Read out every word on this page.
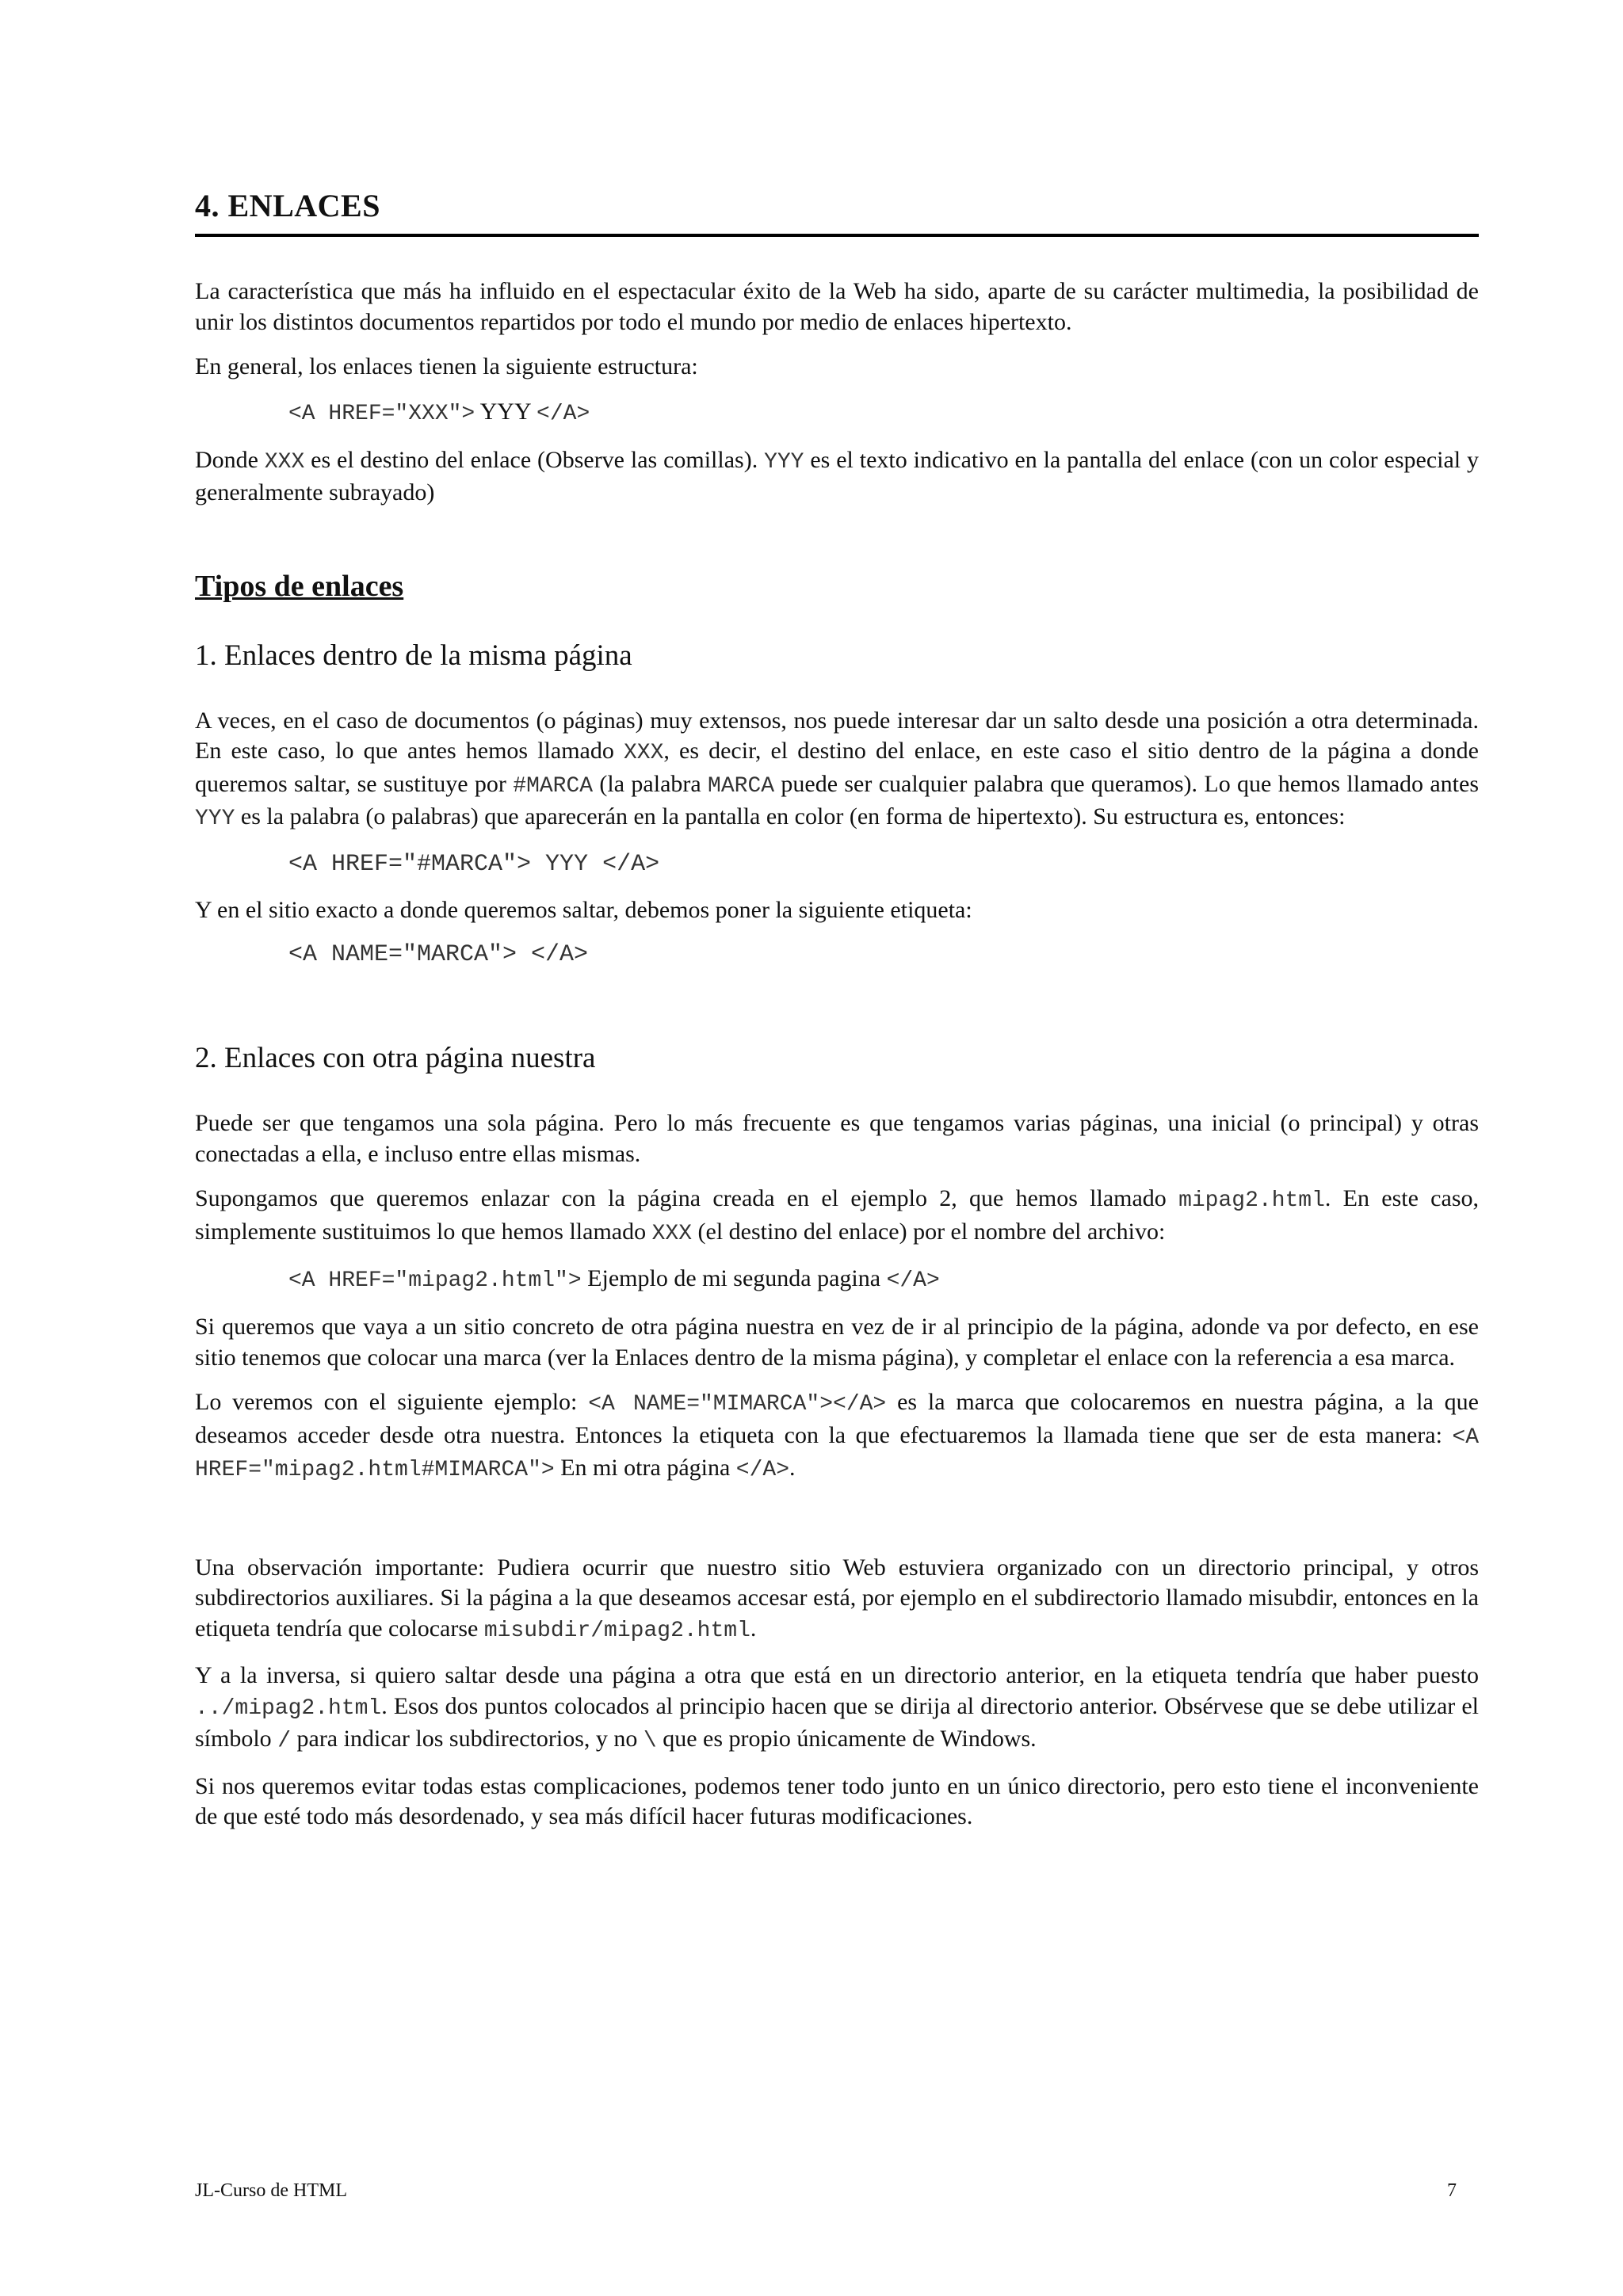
4. ENLACES

La característica que más ha influido en el espectacular éxito de la Web ha sido, aparte de su carácter multimedia, la posibilidad de unir los distintos documentos repartidos por todo el mundo por medio de enlaces hipertexto.

En general, los enlaces tienen la siguiente estructura:

<A HREF="XXX"> YYY </A>

Donde XXX es el destino del enlace (Observe las comillas). YYY es el texto indicativo en la pantalla del enlace (con un color especial y generalmente subrayado)

Tipos de enlaces
1. Enlaces dentro de la misma página

A veces, en el caso de documentos (o páginas) muy extensos, nos puede interesar dar un salto desde una posición a otra determinada. En este caso, lo que antes hemos llamado XXX, es decir, el destino del enlace, en este caso el sitio dentro de la página a donde queremos saltar, se sustituye por #MARCA (la palabra MARCA puede ser cualquier palabra que queramos). Lo que hemos llamado antes YYY es la palabra (o palabras) que aparecerán en la pantalla en color (en forma de hipertexto). Su estructura es, entonces:

<A HREF="#MARCA"> YYY </A>

Y en el sitio exacto a donde queremos saltar, debemos poner la siguiente etiqueta:

<A NAME="MARCA"> </A>
2. Enlaces con otra página nuestra

Puede ser que tengamos una sola página. Pero lo más frecuente es que tengamos varias páginas, una inicial (o principal) y otras conectadas a ella, e incluso entre ellas mismas.

Supongamos que queremos enlazar con la página creada en el ejemplo 2, que hemos llamado mipag2.html. En este caso, simplemente sustituimos lo que hemos llamado XXX (el destino del enlace) por el nombre del archivo:

<A HREF="mipag2.html"> Ejemplo de mi segunda pagina </A>

Si queremos que vaya a un sitio concreto de otra página nuestra en vez de ir al principio de la página, adonde va por defecto, en ese sitio tenemos que colocar una marca (ver la Enlaces dentro de la misma página), y completar el enlace con la referencia a esa marca.

Lo veremos con el siguiente ejemplo: <A NAME="MIMARCA"></A> es la marca que colocaremos en nuestra página, a la que deseamos acceder desde otra nuestra. Entonces la etiqueta con la que efectuaremos la llamada tiene que ser de esta manera: <A HREF="mipag2.html#MIMARCA"> En mi otra página </A>.

Una observación importante: Pudiera ocurrir que nuestro sitio Web estuviera organizado con un directorio principal, y otros subdirectorios auxiliares. Si la página a la que deseamos accesar está, por ejemplo en el subdirectorio llamado misubdir, entonces en la etiqueta tendría que colocarse misubdir/mipag2.html.

Y a la inversa, si quiero saltar desde una página a otra que está en un directorio anterior, en la etiqueta tendría que haber puesto ../mipag2.html. Esos dos puntos colocados al principio hacen que se dirija al directorio anterior. Obsérvese que se debe utilizar el símbolo / para indicar los subdirectorios, y no \ que es propio únicamente de Windows.

Si nos queremos evitar todas estas complicaciones, podemos tener todo junto en un único directorio, pero esto tiene el inconveniente de que esté todo más desordenado, y sea más difícil hacer futuras modificaciones.

JL-Curso de HTML	7
